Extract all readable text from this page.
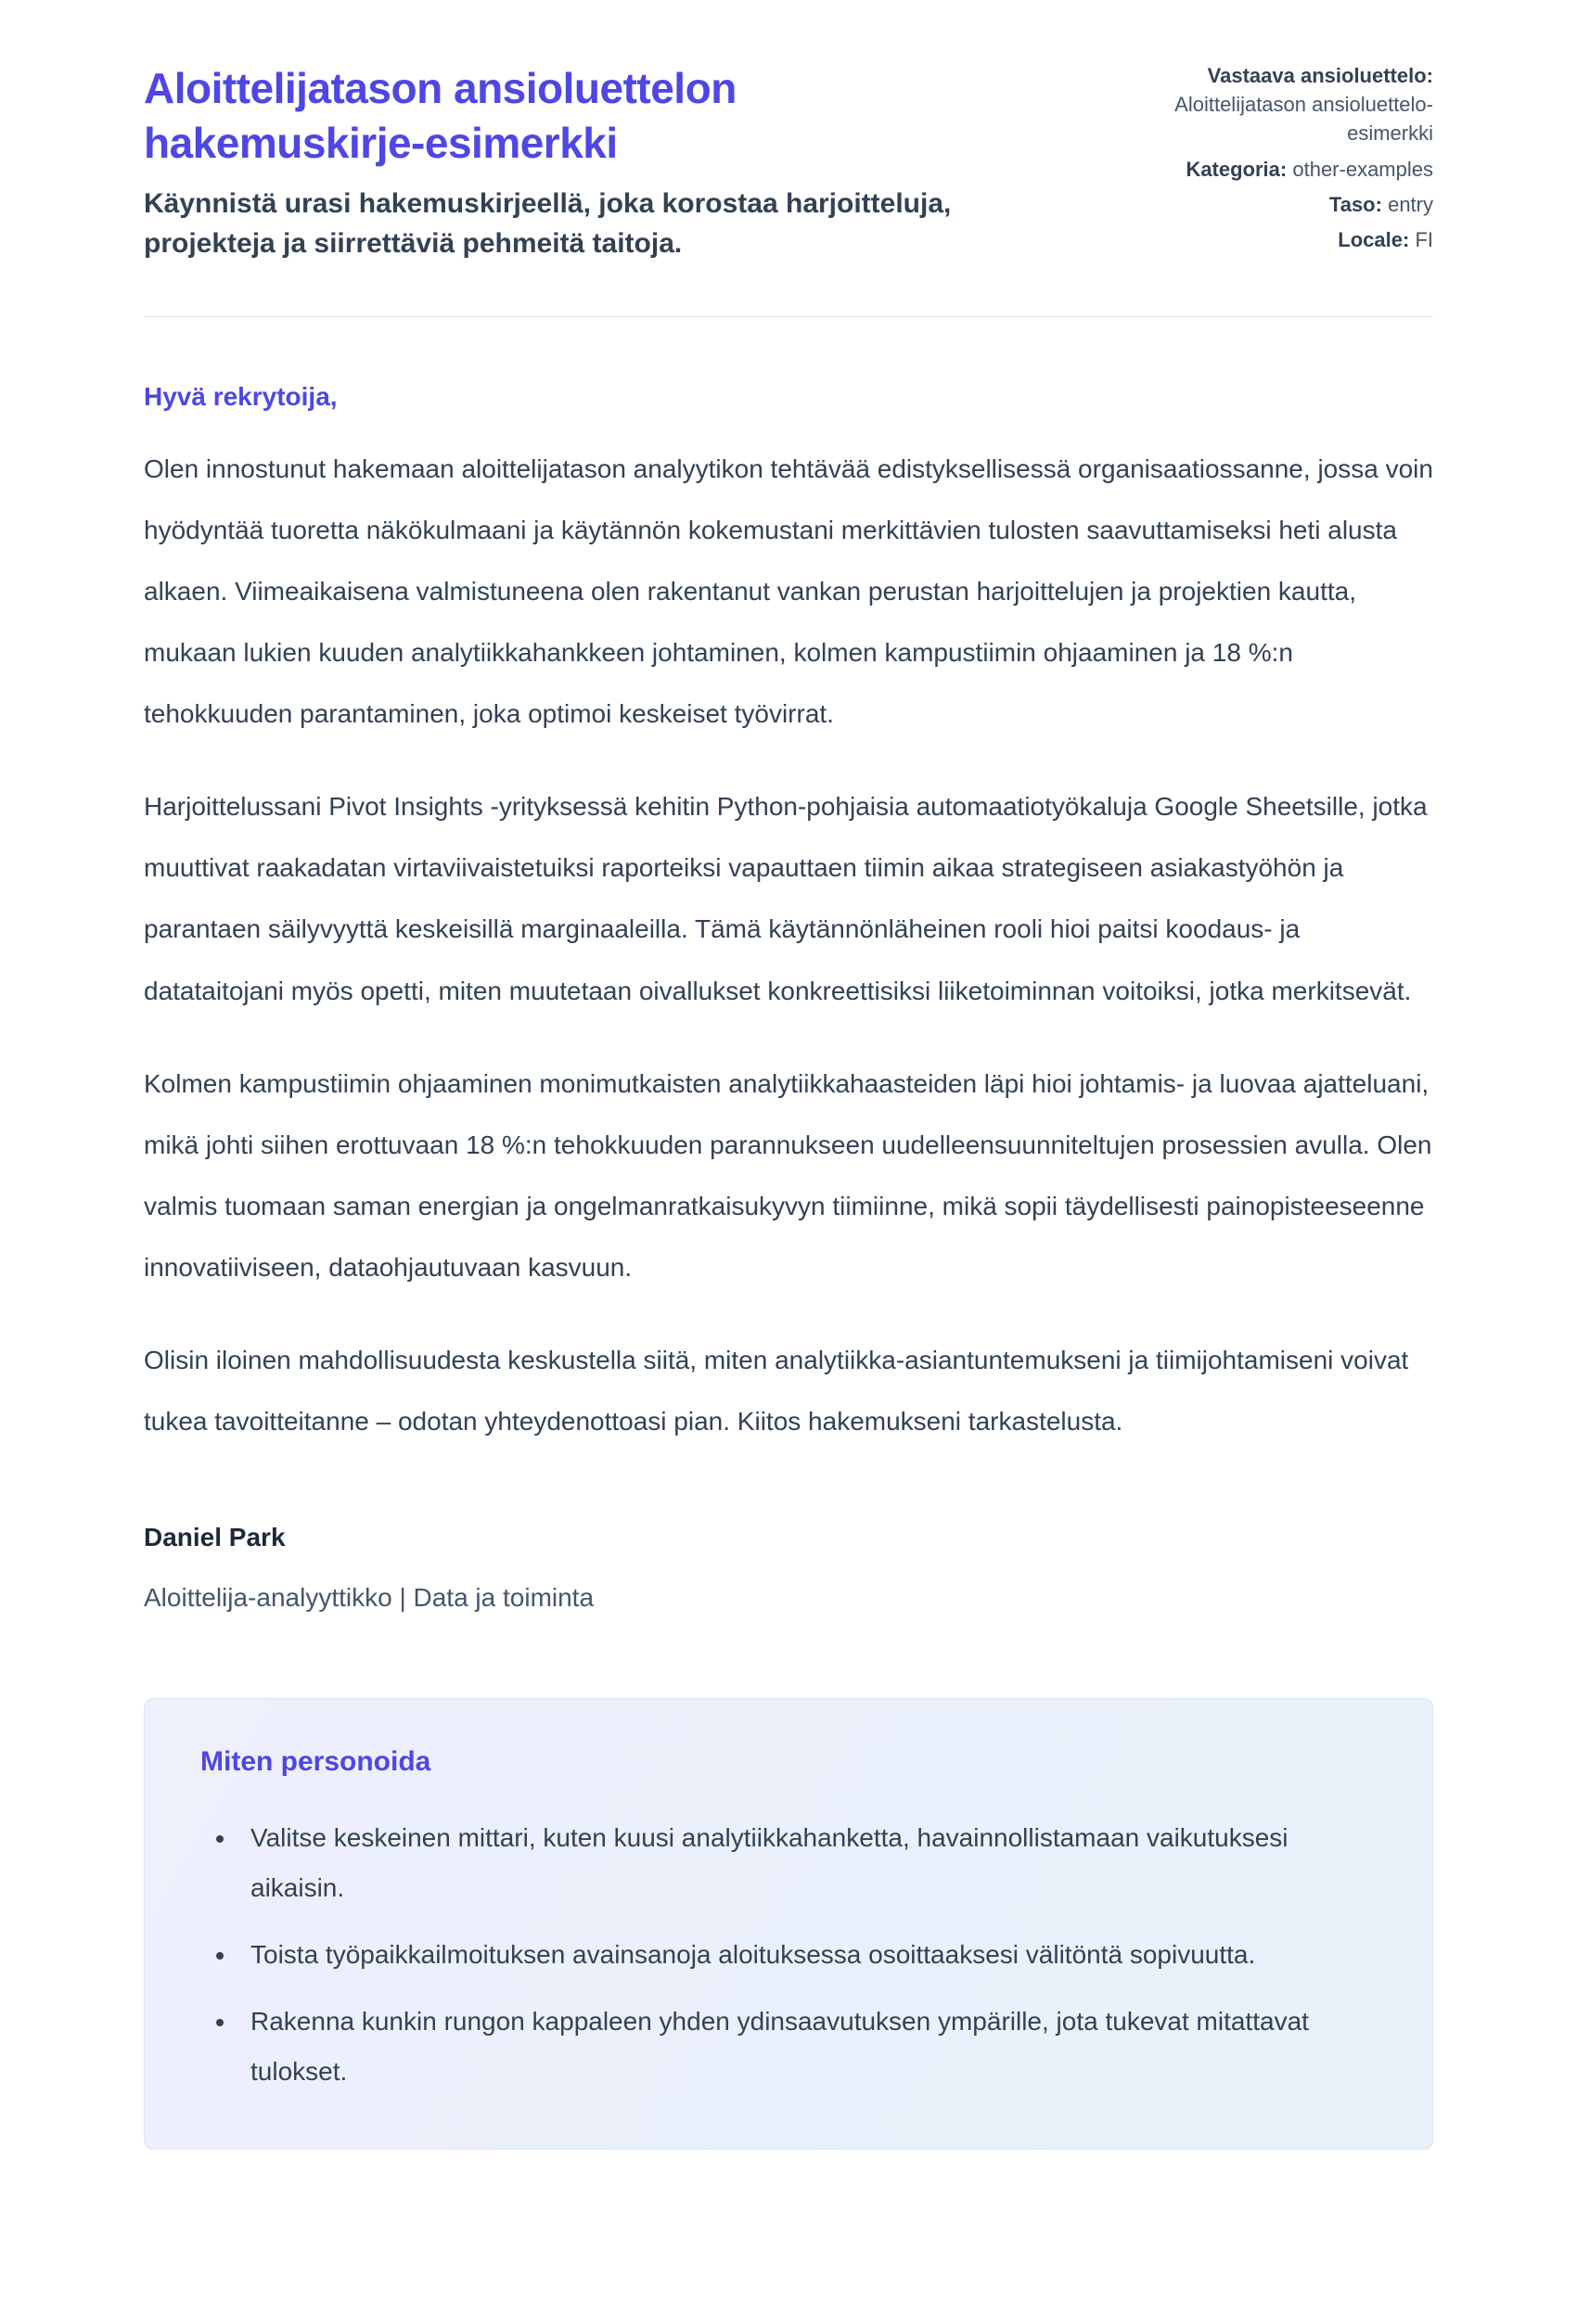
Aloittelijatason ansioluettelon hakemuskirje-esimerkki

Käynnistä urasi hakemuskirjeellä, joka korostaa harjoitteluja, projekteja ja siirrettäviä pehmeitä taitoja.

Vastaava ansioluettelo: Aloittelijatason ansioluettelo-esimerkki
Kategoria: other-examples
Taso: entry
Locale: FI

Hyvä rekrytoija,

Olen innostunut hakemaan aloittelijatason analyytikon tehtävää edistyksellisessä organisaatiossanne, jossa voin hyödyntää tuoretta näkökulmaani ja käytännön kokemustani merkittävien tulosten saavuttamiseksi heti alusta alkaen. Viimeaikaisena valmistuneena olen rakentanut vankan perustan harjoittelujen ja projektien kautta, mukaan lukien kuuden analytiikkahankkeen johtaminen, kolmen kampustiimin ohjaaminen ja 18 %:n tehokkuuden parantaminen, joka optimoi keskeiset työvirrat.

Harjoittelussani Pivot Insights -yrityksessä kehitin Python-pohjaisia automaatiotyökaluja Google Sheetsille, jotka muuttivat raakadatan virtaviivaistetuiksi raporteiksi vapauttaen tiimin aikaa strategiseen asiakastyöhön ja parantaen säilyvyyttä keskeisillä marginaaleilla. Tämä käytännönläheinen rooli hioi paitsi koodaus- ja datataitojani myös opetti, miten muutetaan oivallukset konkreettisiksi liiketoiminnan voitoiksi, jotka merkitsevät.

Kolmen kampustiimin ohjaaminen monimutkaisten analytiikkahaasteiden läpi hioi johtamis- ja luovaa ajatteluani, mikä johti siihen erottuvaan 18 %:n tehokkuuden parannukseen uudelleensuunniteltujen prosessien avulla. Olen valmis tuomaan saman energian ja ongelmanratkaisukyvyn tiimiinne, mikä sopii täydellisesti painopisteeseenne innovatiiviseen, dataohjautuvaan kasvuun.

Olisin iloinen mahdollisuudesta keskustella siitä, miten analytiikka-asiantuntemukseni ja tiimijohtamiseni voivat tukea tavoitteitanne – odotan yhteydenottoasi pian. Kiitos hakemukseni tarkastelusta.

Daniel Park

Aloittelija-analyyttikko | Data ja toiminta

Miten personoida
• Valitse keskeinen mittari, kuten kuusi analytiikkahanketta, havainnollistamaan vaikutuksesi aikaisin.
• Toista työpaikkailmoituksen avainsanoja aloituksessa osoittaaksesi välitöntä sopivuutta.
• Rakenna kunkin rungon kappaleen yhden ydinsaavutuksen ympärille, jota tukevat mitattavat tulokset.
